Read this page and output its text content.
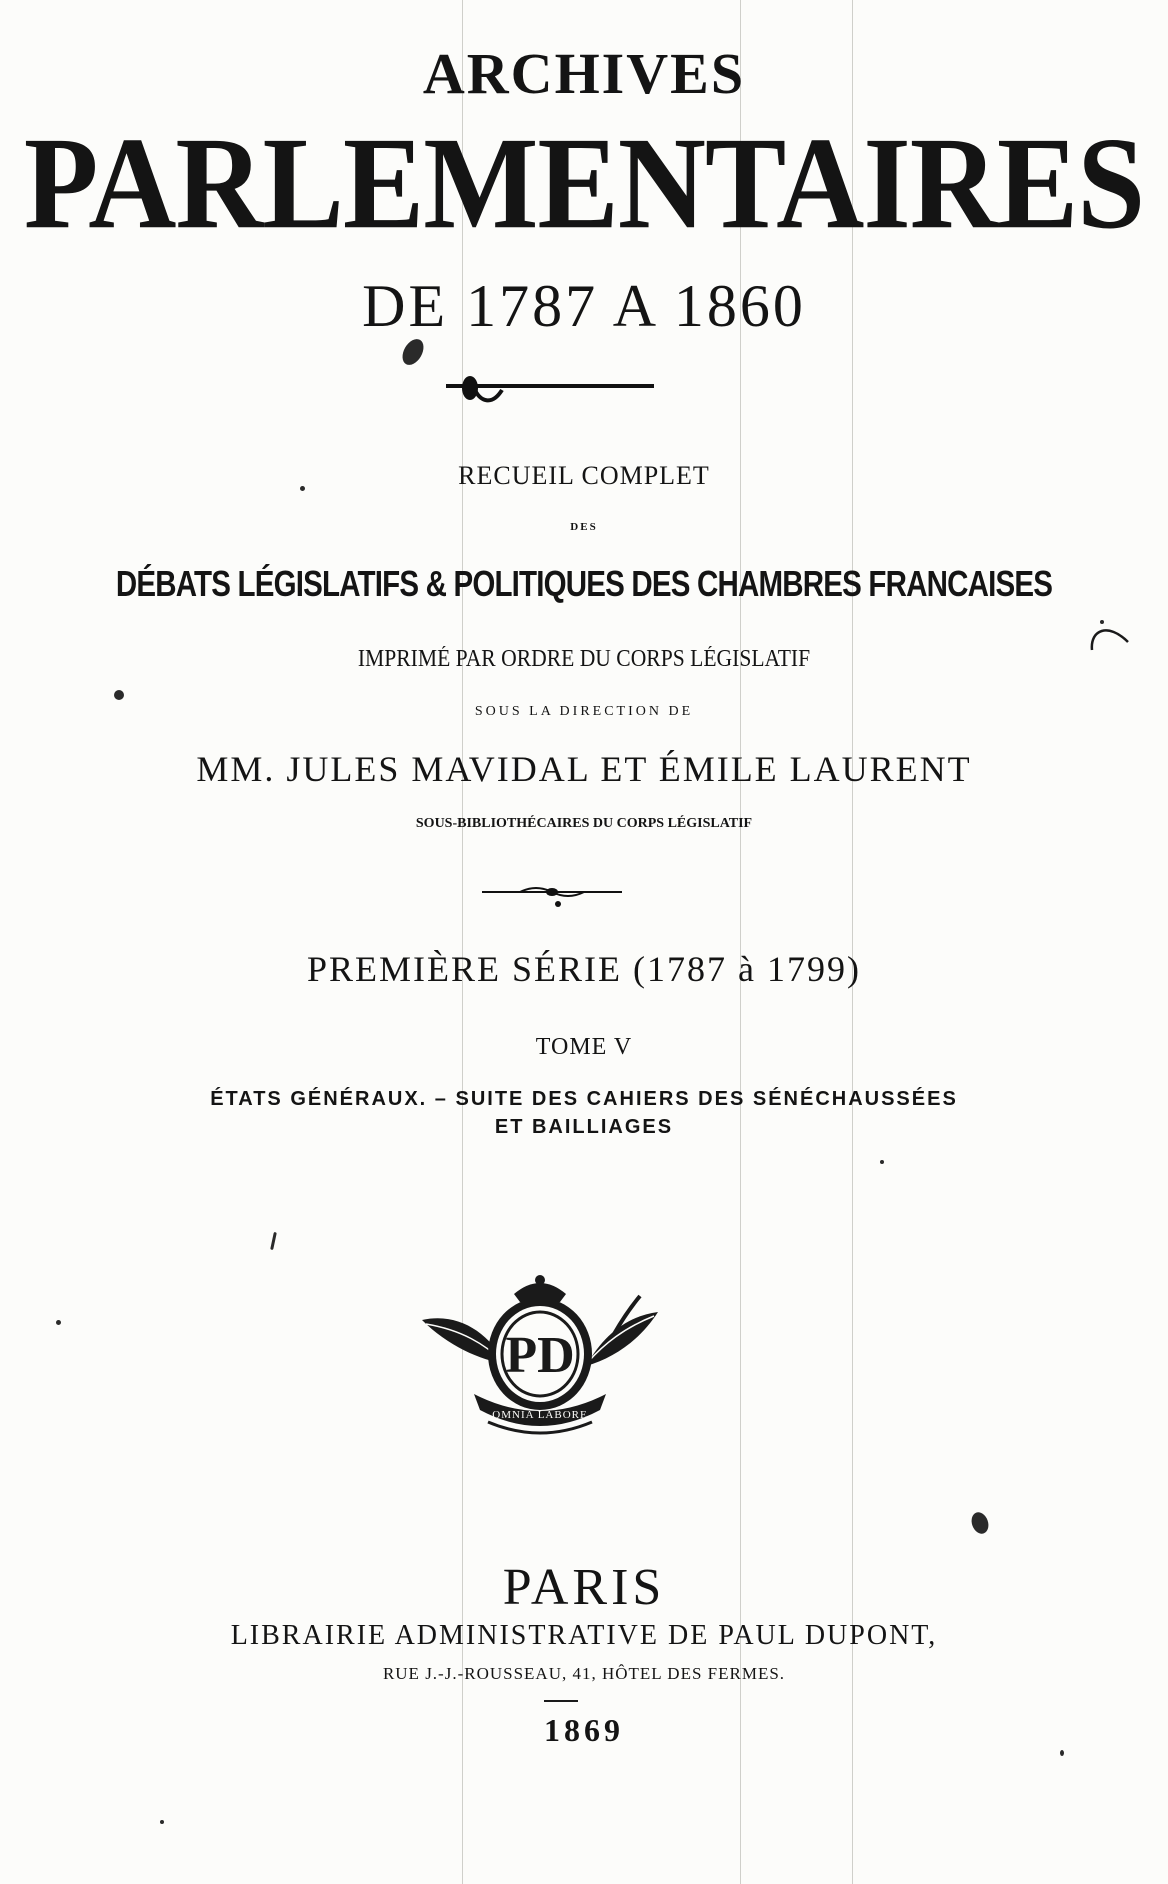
ARCHIVES
PARLEMENTAIRES
DE 1787 A 1860
RECUEIL COMPLET
DES
DÉBATS LÉGISLATIFS & POLITIQUES DES CHAMBRES FRANCAISES
IMPRIMÉ PAR ORDRE DU CORPS LÉGISLATIF
SOUS LA DIRECTION DE
MM. JULES MAVIDAL ET ÉMILE LAURENT
SOUS-BIBLIOTHÉCAIRES DU CORPS LÉGISLATIF
PREMIÈRE SÉRIE (1787 à 1799)
TOME V
ÉTATS GÉNÉRAUX. – SUITE DES CAHIERS DES SÉNÉCHAUSSÉES
ET BAILLIAGES
PD
OMNIA LABORE
PARIS
LIBRAIRIE ADMINISTRATIVE DE PAUL DUPONT,
RUE J.-J.-ROUSSEAU, 41, HÔTEL DES FERMES.
1869
